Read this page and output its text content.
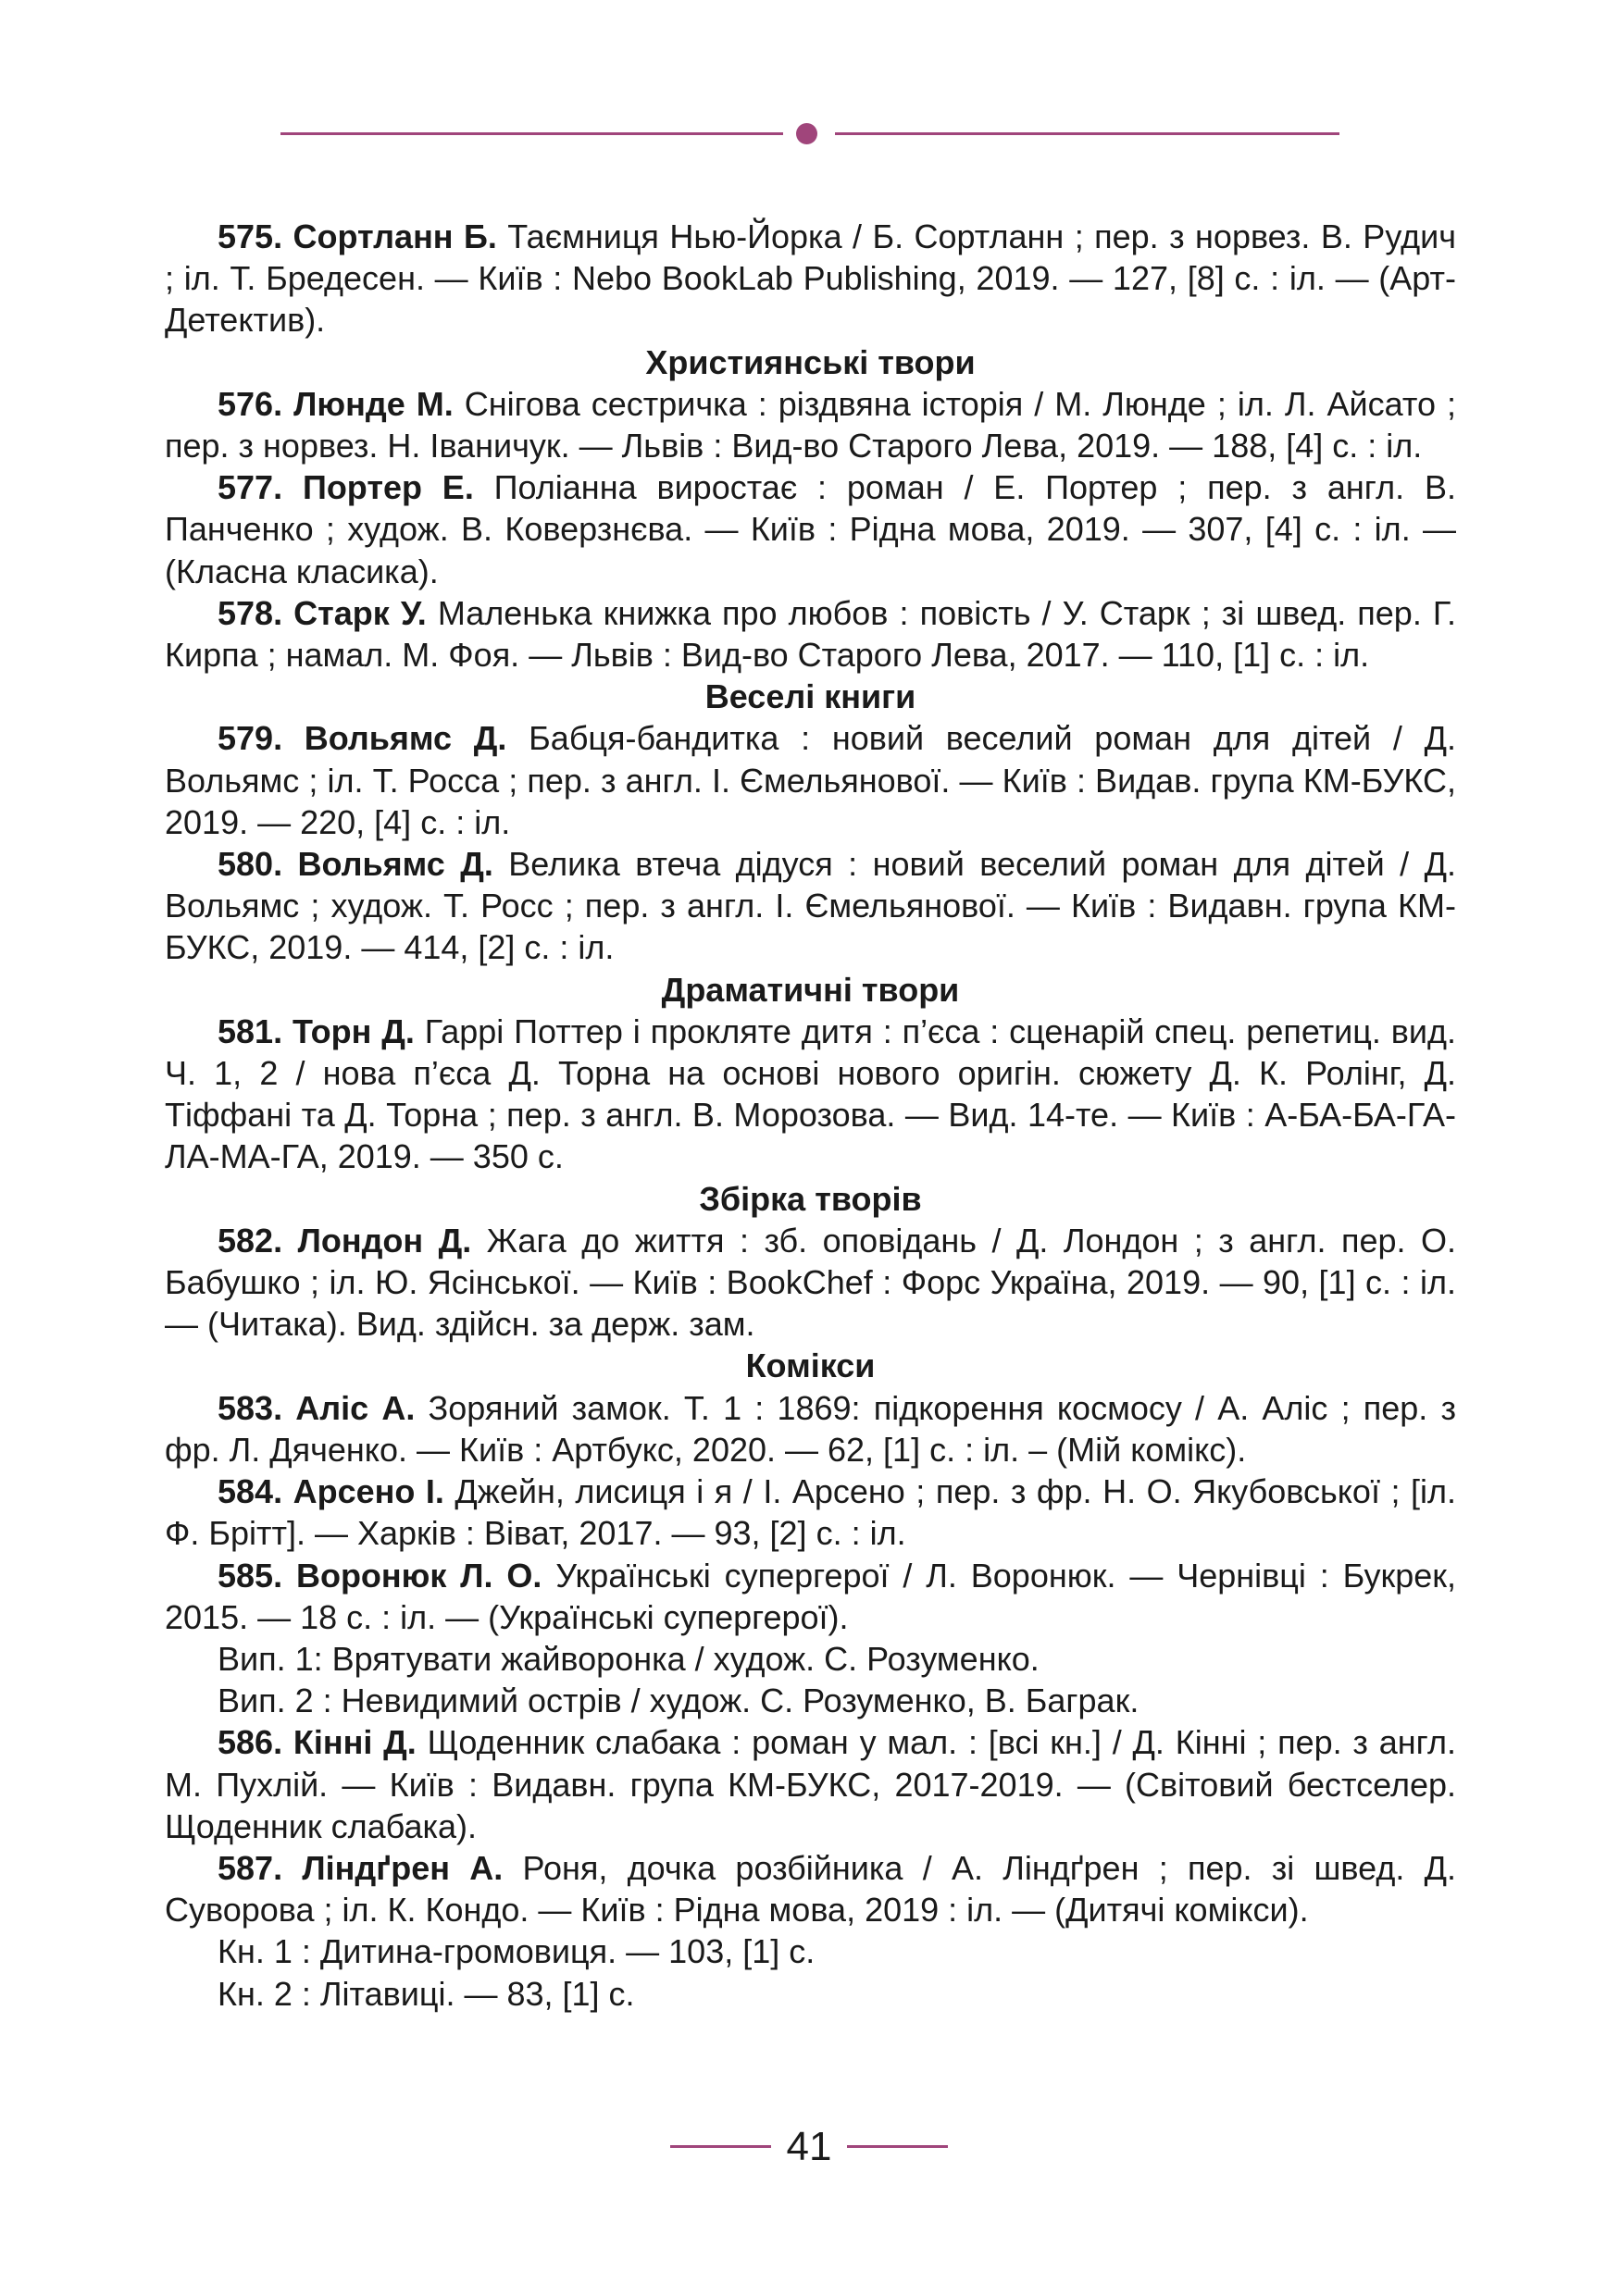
575. Сортланн Б. Таємниця Нью-Йорка / Б. Сортланн ; пер. з норвез. В. Рудич ; іл. Т. Бредесен. — Київ : Nebo BookLab Publishing, 2019. — 127, [8] с. : іл. — (Арт-Детектив).

Християнські твори

576. Люнде М. Снігова сестричка : різдвяна історія / М. Люнде ; іл. Л. Айсато ; пер. з норвез. Н. Іваничук. — Львів : Вид-во Старого Лева, 2019. — 188, [4] с. : іл.

577. Портер Е. Поліанна виростає : роман / Е. Портер ; пер. з англ. В. Панченко ; худож. В. Коверзнєва. — Київ : Рідна мова, 2019. — 307, [4] с. : іл. — (Класна класика).

578. Старк У. Маленька книжка про любов : повість / У. Старк ; зі швед. пер. Г. Кирпа ; намал. М. Фоя. — Львів : Вид-во Старого Лева, 2017. — 110, [1] с. : іл.

Веселі книги

579. Вольямс Д. Бабця-бандитка : новий веселий роман для дітей / Д. Вольямс ; іл. Т. Росса ; пер. з англ. І. Ємельянової. — Київ : Видав. група КМ-БУКС, 2019. — 220, [4] с. : іл.

580. Вольямс Д. Велика втеча дідуся : новий веселий роман для дітей / Д. Вольямс ; худож. Т. Росс ; пер. з англ. І. Ємельянової. — Київ : Видавн. група КМ-БУКС, 2019. — 414, [2] с. : іл.

Драматичні твори

581. Торн Д. Гаррі Поттер і прокляте дитя : п’єса : сценарій спец. репетиц. вид. Ч. 1, 2 / нова п’єса Д. Торна на основі нового оригін. сюжету Д. К. Ролінг, Д. Тіффані та Д. Торна ; пер. з англ. В. Морозова. — Вид. 14-те. — Київ : А-БА-БА-ГА-ЛА-МА-ГА, 2019. — 350 с.

Збірка творів

582. Лондон Д. Жага до життя : зб. оповідань / Д. Лондон ; з англ. пер. О. Бабушко ; іл. Ю. Ясінської. — Київ : BookChef : Форс Україна, 2019. — 90, [1] с. : іл. — (Читака). Вид. здійсн. за держ. зам.

Комікси

583. Аліс А. Зоряний замок. Т. 1 : 1869: підкорення космосу / А. Аліс ; пер. з фр. Л. Дяченко. — Київ : Артбукс, 2020. — 62, [1] с. : іл. – (Мій комікс).

584. Арсено І. Джейн, лисиця і я / І. Арсено ; пер. з фр. Н. О. Якубовської ; [іл. Ф. Брітт]. — Харків : Віват, 2017. — 93, [2] с. : іл.

585. Воронюк Л. О. Українські супергерої / Л. Воронюк. — Чернівці : Букрек, 2015. — 18 с. : іл. — (Українські супергерої).

Вип. 1: Врятувати жайворонка / худож. С. Розуменко.

Вип. 2 : Невидимий острів / худож. С. Розуменко, В. Баграк.

586. Кінні Д. Щоденник слабака : роман у мал. : [всі кн.] / Д. Кінні ; пер. з англ. М. Пухлій. — Київ : Видавн. група КМ-БУКС, 2017-2019. — (Світовий бестселер. Щоденник слабака).

587. Ліндґрен А. Роня, дочка розбійника / А. Ліндґрен ; пер. зі швед. Д. Суворова ; іл. К. Кондо. — Київ : Рідна мова, 2019 : іл. — (Дитячі комікси).

Кн. 1 : Дитина-громовиця. — 103, [1] с.

Кн. 2 : Літавиці. — 83, [1] с.

41
